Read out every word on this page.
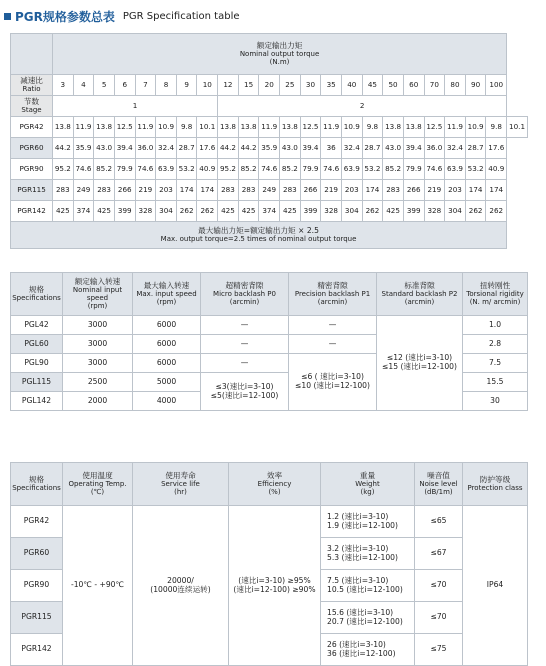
PGR规格参数总表 PGR Specification table

	额定输出力矩
Nominal output torque
(N.m)																						

减速比
Ratio	3	4	5	6	7	8	9	10	12	15	20	25	30	35	40	45	50	60	70	80	90	100	

节数
Stage	1								2														
PGR42	13.8	11.9	13.8	12.5	11.9	10.9	9.8	10.1	13.8	13.8	11.9	13.8	12.5	11.9	10.9	9.8	13.8	13.8	12.5	11.9	10.9	9.8	10.1
PGR60	44.2	35.9	43.0	39.4	36.0	32.4	28.7	17.6	44.2	44.2	35.9	43.0	39.4	36	32.4	28.7	43.0	39.4	36.0	32.4	28.7	17.6	
PGR90	95.2	74.6	85.2	79.9	74.6	63.9	53.2	40.9	95.2	85.2	74.6	85.2	79.9	74.6	63.9	53.2	85.2	79.9	74.6	63.9	53.2	40.9	
PGR115	283	249	283	266	219	203	174	174	283	283	249	283	266	219	203	174	283	266	219	203	174	174	
PGR142	425	374	425	399	328	304	262	262	425	425	374	425	399	328	304	262	425	399	328	304	262	262	

最大输出力矩=额定输出力矩 × 2.5
Max. output torque=2.5 times of nominal output torque																							
规格
Specifications	额定输入转速
Nominal input speed
(rpm)	最大输入转速
Max. input speed
(rpm)	超精密背隙
Micro backlash P0
(arcmin)	精密背隙
Precision backlash P1
(arcmin)	标准背隙
Standard backlash P2
(arcmin)	扭转刚性
Torsional rigidity
(N. m/ arcmin)

PGL42	3000	6000	—	—	≤12 (速比i=3-10)
≤15 (速比i=12-100)	1.0
PGL60	3000	6000	—	—		2.8
PGL90	3000	6000	—	≤6 ( 速比i=3-10)
≤10 (速比i=12-100)		7.5
PGL115	2500	5000	≤3(速比i=3-10)
≤5(速比i=12-100)			15.5
PGL142	2000	4000				30
规格
Specifications	使用温度
Operating Temp.
(℃)	使用寿命
Service life
(hr)	效率
Efficiency
(%)	重量
Weight
(kg)	噪音值
Noise level
(dB/1m)	防护等级
Protection class

PGR42	-10℃ - +90℃	20000/
(10000连续运转)	(速比i=3-10) ≥95%
(速比i=12-100) ≥90%	1.2 (速比i=3-10)
1.9 (速比i=12-100)	≤65	IP64
PGR60				3.2 (速比i=3-10)
5.3 (速比i=12-100)	≤67	
PGR90				7.5 (速比i=3-10)
10.5 (速比i=12-100)	≤70	
PGR115				15.6 (速比i=3-10)
20.7 (速比i=12-100)	≤70	
PGR142				26 (速比i=3-10)
36 (速比i=12-100)	≤75	
